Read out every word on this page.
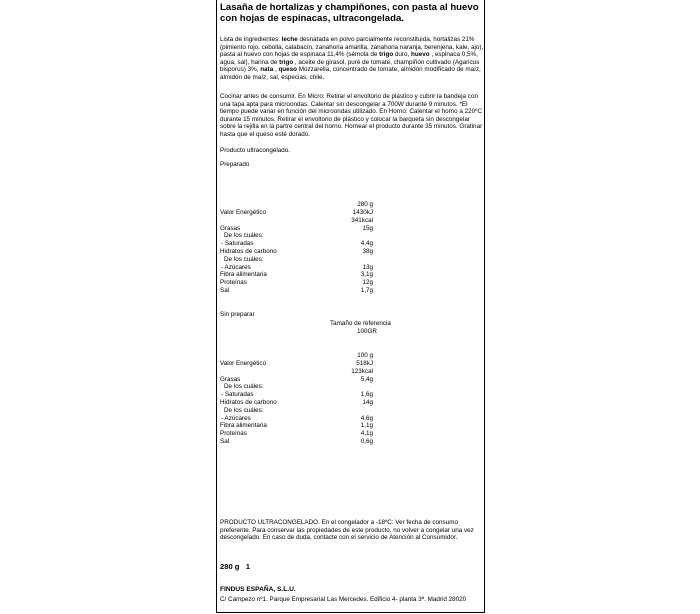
Lasaña de hortalizas y champiñones, con pasta al huevo con hojas de espinacas, ultracongelada.

Lista de ingredientes: leche desnatada en polvo parcialmente reconstituida, hortalizas 21% (pimiento rojo, cebolla, calabacín, zanahoria amarilla, zanahoria naranja, berenjena, kale, ajo), pasta al huevo con hojas de espinaca 11,4% (sémola de trigo duro, huevo , espinaca 0,5%, agua, sal), harina de trigo , aceite de girasol, puré de tomate, champiñón cultivado (Agaricus bisporus) 3%, nata , queso Mozzarella, concentrado de tomate, almidón modificado de maíz, almidón de maíz, sal, especias, chile.

Cocinar antes de consumir. En Micro: Retirar el envoltorio de plástico y cubrir la bandeja con una tapa apta para microondas. Calentar sin descongelar a 700W durante 9 minutos. *El tiempo puede variar en función del microondas utilizado. En Horno: Calentar el horno a 220ºC durante 15 minutos. Retirar el envoltorio de plástico y colocar la barqueta sin descongelar sobre la rejilla en la partre central del horno. Hornear el producto durante 35 minutos. Gratinar hasta que el queso esté dorado.

Producto ultracongelado.

Preparado
Sin preparar
Tamaño de referencia
100GR

PRODUCTO ULTRACONGELADO. En el congelador a -18ºC: Ver fecha de consumo preferente. Para conservar las propiedades de este producto, no volver a congelar una vez descongelado. En caso de duda, contacte con el servicio de Atención al Consumidor.

280 g 1
FINDUS ESPAÑA, S.L.U.

C/ Campezo nº1. Parque Empresarial Las Mercedes. Edificio 4- planta 3ª. Madrid 28020

280 g
Valor Energético	1430kJ
341kcal
Grasas	15g
De los cuáles:
- Saturadas	4,4g
Hidratos de carbono	38g
De los cuáles:
- Azúcares	13g
Fibra alimentaria	3,1g
Proteínas	12g
Sal	1,7g
100 g
Valor Energético	518kJ
123kcal
Grasas	5,4g
De los cuáles:
- Saturadas	1,6g
Hidratos de carbono	14g
De los cuáles:
- Azúcares	4,6g
Fibra alimentaria	1,1g
Proteínas	4,1g
Sal	0,6g
